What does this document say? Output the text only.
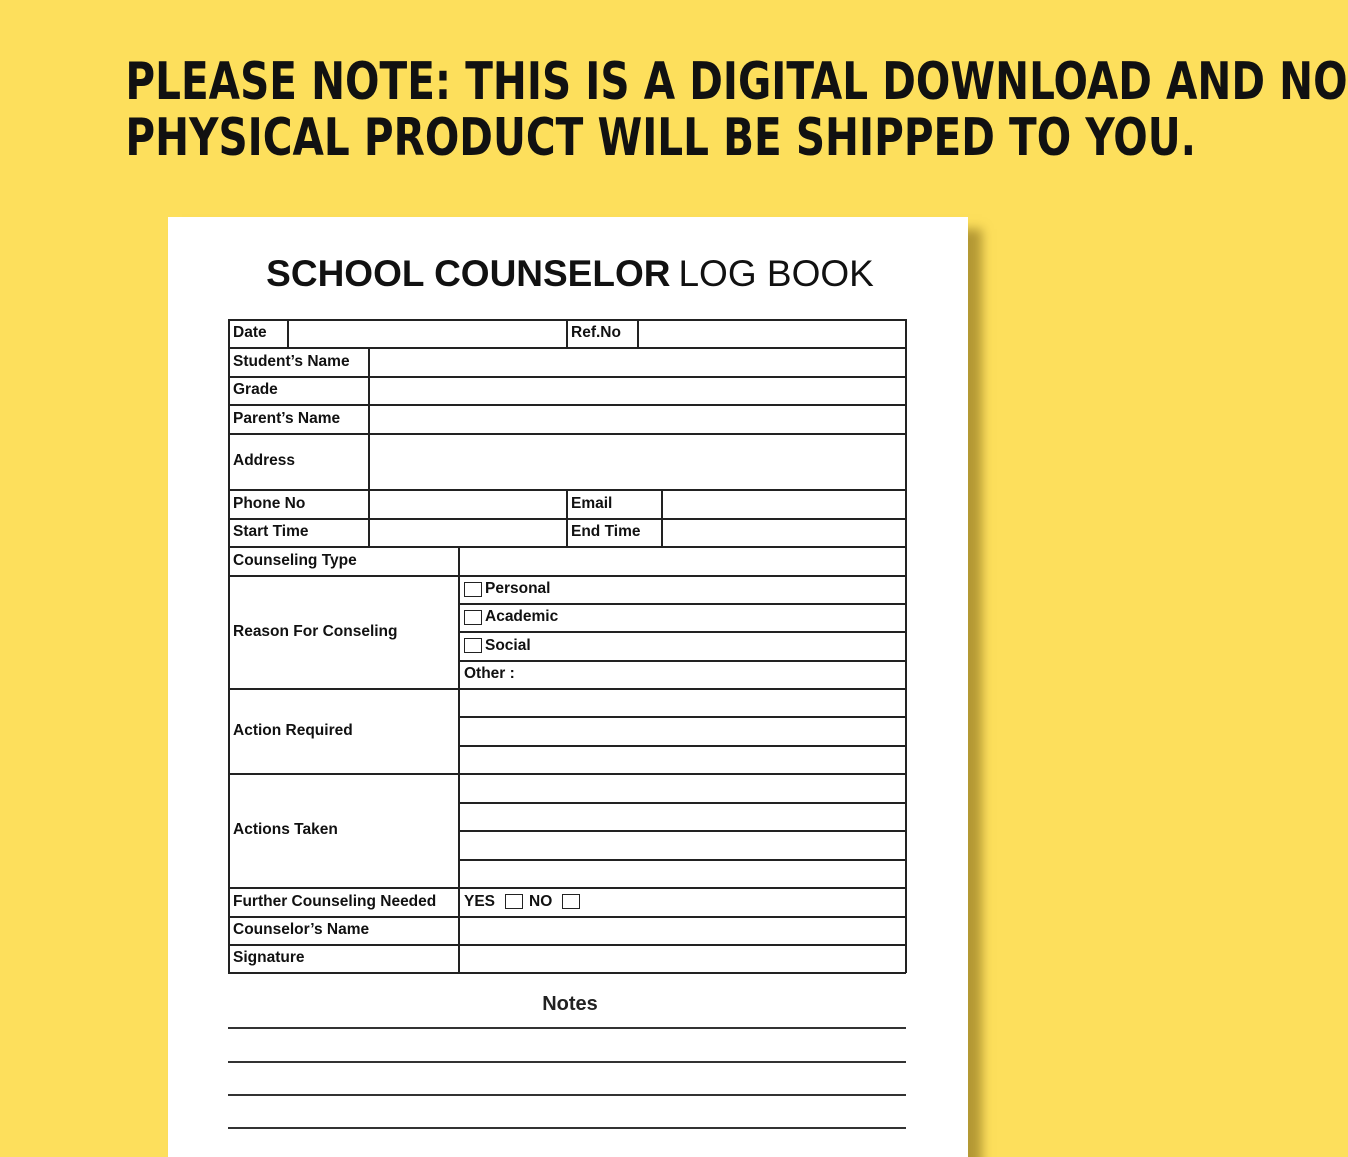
PLEASE NOTE: THIS IS A DIGITAL DOWNLOAD AND NO
PHYSICAL PRODUCT WILL BE SHIPPED TO YOU.
SCHOOL COUNSELOR LOG BOOK
Date	Ref.No
Student’s Name
Grade
Parent’s Name
Address
Phone No	Email
Start Time	End Time
Counseling Type
Reason For Conseling
Personal
Academic
Social
Other :
Action Required
Actions Taken
Further Counseling Needed	YES NO
Counselor’s Name
Signature
Notes
